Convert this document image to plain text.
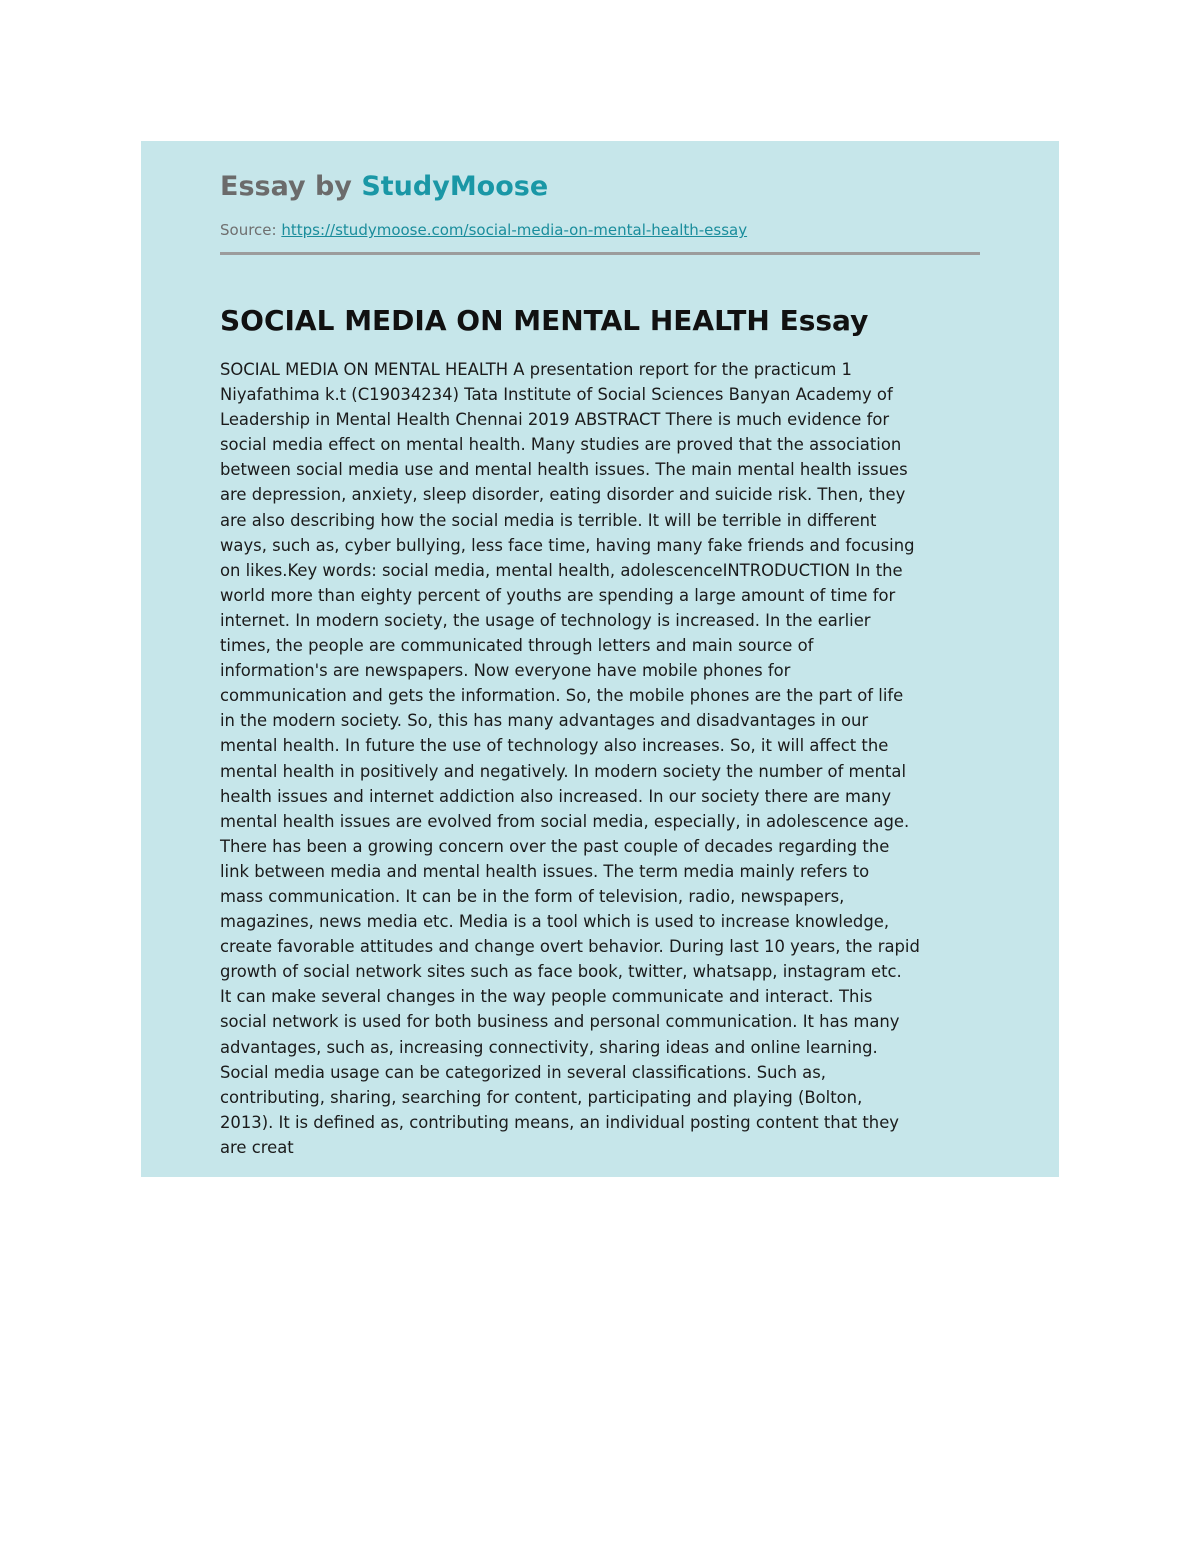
Essay by StudyMoose
Source: https://studymoose.com/social-media-on-mental-health-essay
SOCIAL MEDIA ON MENTAL HEALTH Essay
SOCIAL MEDIA ON MENTAL HEALTH A presentation report for the practicum 1
Niyafathima k.t (C19034234) Tata Institute of Social Sciences Banyan Academy of
Leadership in Mental Health Chennai 2019 ABSTRACT There is much evidence for
social media effect on mental health. Many studies are proved that the association
between social media use and mental health issues. The main mental health issues
are depression, anxiety, sleep disorder, eating disorder and suicide risk. Then, they
are also describing how the social media is terrible. It will be terrible in different
ways, such as, cyber bullying, less face time, having many fake friends and focusing
on likes.Key words: social media, mental health, adolescenceINTRODUCTION In the
world more than eighty percent of youths are spending a large amount of time for
internet. In modern society, the usage of technology is increased. In the earlier
times, the people are communicated through letters and main source of
information's are newspapers. Now everyone have mobile phones for
communication and gets the information. So, the mobile phones are the part of life
in the modern society. So, this has many advantages and disadvantages in our
mental health. In future the use of technology also increases. So, it will affect the
mental health in positively and negatively. In modern society the number of mental
health issues and internet addiction also increased. In our society there are many
mental health issues are evolved from social media, especially, in adolescence age.
There has been a growing concern over the past couple of decades regarding the
link between media and mental health issues. The term media mainly refers to
mass communication. It can be in the form of television, radio, newspapers,
magazines, news media etc. Media is a tool which is used to increase knowledge,
create favorable attitudes and change overt behavior. During last 10 years, the rapid
growth of social network sites such as face book, twitter, whatsapp, instagram etc.
It can make several changes in the way people communicate and interact. This
social network is used for both business and personal communication. It has many
advantages, such as, increasing connectivity, sharing ideas and online learning.
Social media usage can be categorized in several classifications. Such as,
contributing, sharing, searching for content, participating and playing (Bolton,
2013). It is defined as, contributing means, an individual posting content that they
are creat
